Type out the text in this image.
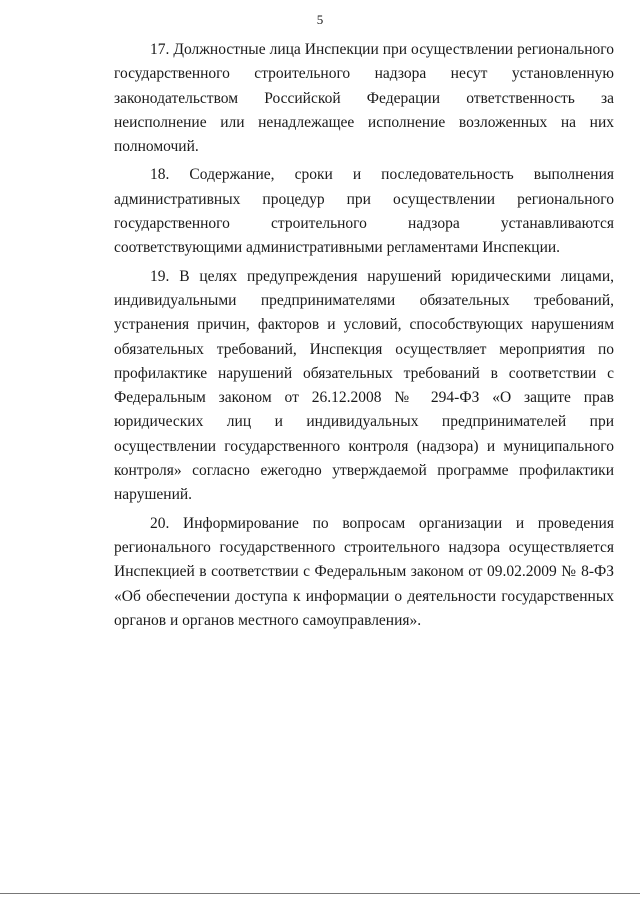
5

17. Должностные лица Инспекции при осуществлении регионального государственного строительного надзора несут установленную законодательством Российской Федерации ответственность за неисполнение или ненадлежащее исполнение возложенных на них полномочий.

18. Содержание, сроки и последовательность выполнения административных процедур при осуществлении регионального государственного строительного надзора устанавливаются соответствующими административными регламентами Инспекции.

19. В целях предупреждения нарушений юридическими лицами, индивидуальными предпринимателями обязательных требований, устранения причин, факторов и условий, способствующих нарушениям обязательных требований, Инспекция осуществляет мероприятия по профилактике нарушений обязательных требований в соответствии с Федеральным законом от 26.12.2008 № 294-ФЗ «О защите прав юридических лиц и индивидуальных предпринимателей при осуществлении государственного контроля (надзора) и муниципального контроля» согласно ежегодно утверждаемой программе профилактики нарушений.

20. Информирование по вопросам организации и проведения регионального государственного строительного надзора осуществляется Инспекцией в соответствии с Федеральным законом от 09.02.2009 № 8-ФЗ «Об обеспечении доступа к информации о деятельности государственных органов и органов местного самоуправления».
